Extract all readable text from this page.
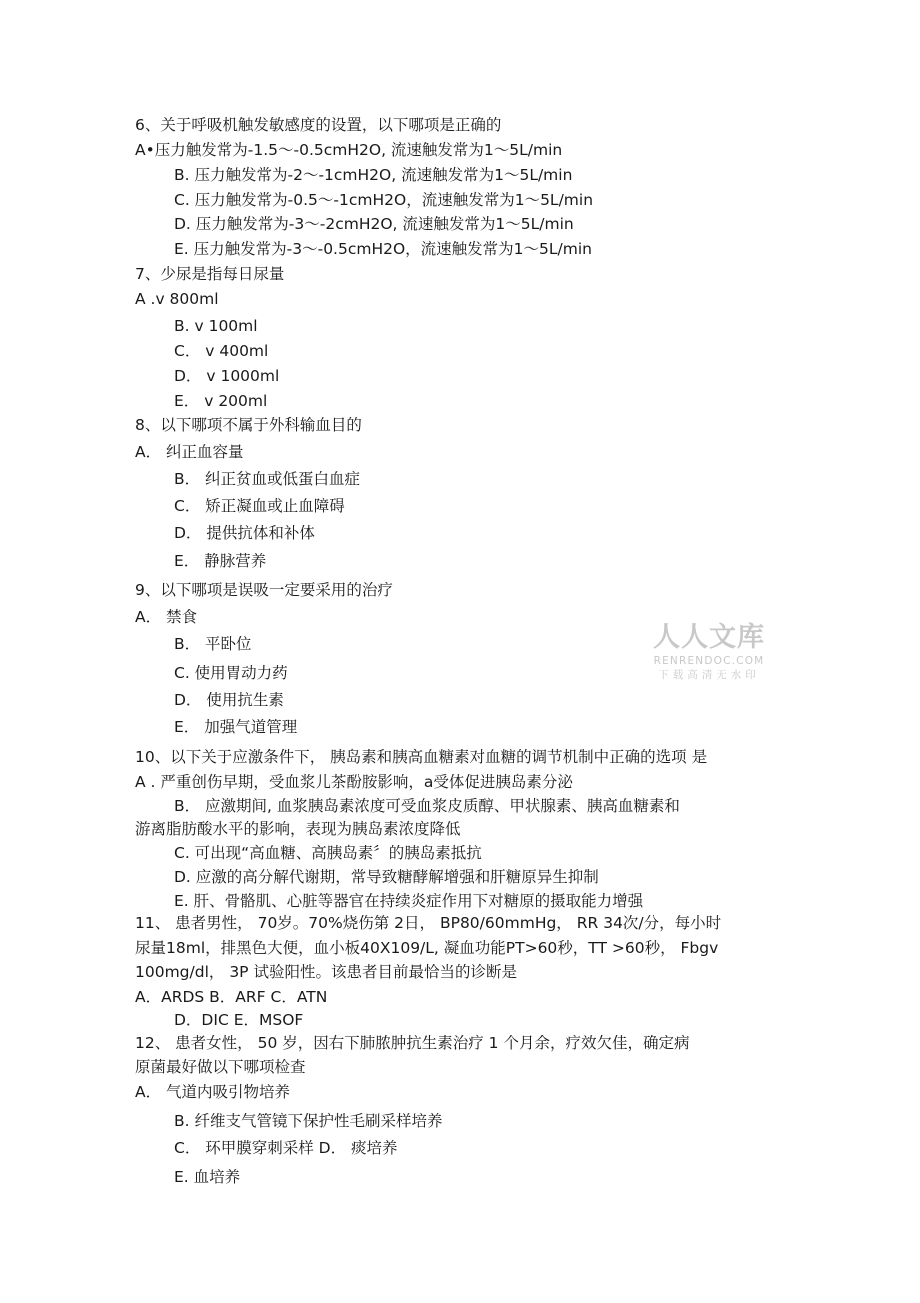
6、关于呼吸机触发敏感度的设置，以下哪项是正确的
A•压力触发常为-1.5～-0.5cmH2O, 流速触发常为1～5L/min
B. 压力触发常为-2～-1cmH2O, 流速触发常为1～5L/min
C. 压力触发常为-0.5～-1cmH2O，流速触发常为1～5L/min
D. 压力触发常为-3～-2cmH2O, 流速触发常为1～5L/min
E. 压力触发常为-3～-0.5cmH2O，流速触发常为1～5L/min
7、少尿是指每日尿量
A .v 800ml
B. v 100ml
C． v 400ml
D． v 1000ml
E． v 200ml
8、以下哪项不属于外科输血目的
A． 纠正血容量
B． 纠正贫血或低蛋白血症
C． 矫正凝血或止血障碍
D． 提供抗体和补体
E． 静脉营养
9、以下哪项是误吸一定要采用的治疗
A． 禁食
B． 平卧位
C. 使用胃动力药
D． 使用抗生素
E． 加强气道管理
10、以下关于应激条件下， 胰岛素和胰高血糖素对血糖的调节机制中正确的选项 是
A . 严重创伤早期，受血浆儿茶酚胺影响，a受体促进胰岛素分泌
B． 应激期间, 血浆胰岛素浓度可受血浆皮质醇、甲状腺素、胰高血糖素和
游离脂肪酸水平的影响，表现为胰岛素浓度降低
C. 可出现“高血糖、高胰岛素〞的胰岛素抵抗
D. 应激的高分解代谢期，常导致糖酵解增强和肝糖原异生抑制
E. 肝、骨骼肌、心脏等器官在持续炎症作用下对糖原的摄取能力增强
11、 患者男性， 70岁。70%烧伤第 2日， BP80/60mmHg， RR 34次/分，每小时
尿量18ml，排黑色大便，血小板40X109/L, 凝血功能PT>60秒，TT >60秒， Fbgv
100mg/dl， 3P 试验阳性。该患者目前最恰当的诊断是
A．ARDS B．ARF C．ATN
D．DIC E．MSOF
12、 患者女性， 50 岁，因右下肺脓肿抗生素治疗 1 个月余，疗效欠佳，确定病
原菌最好做以下哪项检查
A． 气道内吸引物培养
B. 纤维支气管镜下保护性毛刷采样培养
C． 环甲膜穿刺采样 D． 痰培养
E. 血培养
人人文库
RENRENDOC.COM
下载高清无水印
